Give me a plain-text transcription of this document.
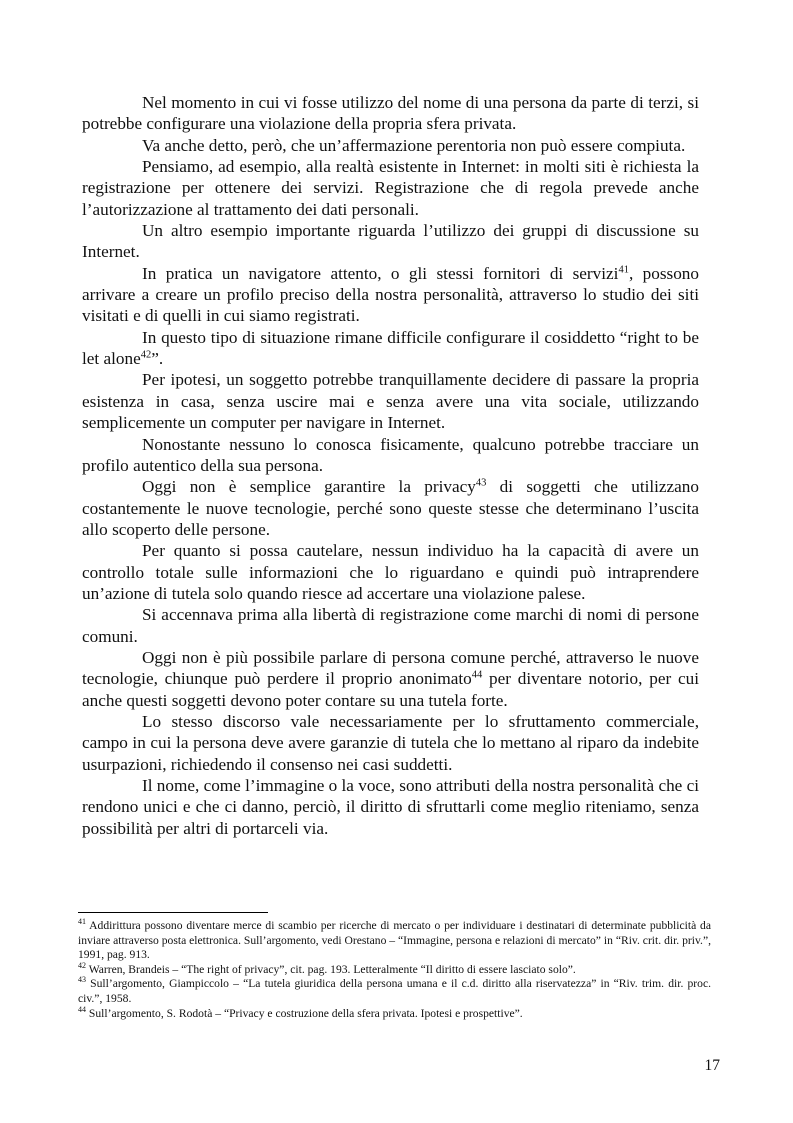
Nel momento in cui vi fosse utilizzo del nome di una persona da parte di terzi, si potrebbe configurare una violazione della propria sfera privata.

Va anche detto, però, che un’affermazione perentoria non può essere compiuta.

Pensiamo, ad esempio, alla realtà esistente in Internet: in molti siti è richiesta la registrazione per ottenere dei servizi. Registrazione che di regola prevede anche l’autorizzazione al trattamento dei dati personali.

Un altro esempio importante riguarda l’utilizzo dei gruppi di discussione su Internet.

In pratica un navigatore attento, o gli stessi fornitori di servizi$^{41}$, possono arrivare a creare un profilo preciso della nostra personalità, attraverso lo studio dei siti visitati e di quelli in cui siamo registrati.

In questo tipo di situazione rimane difficile configurare il cosiddetto “right to be let alone$^{42}$”.

Per ipotesi, un soggetto potrebbe tranquillamente decidere di passare la propria esistenza in casa, senza uscire mai e senza avere una vita sociale, utilizzando semplicemente un computer per navigare in Internet.

Nonostante nessuno lo conosca fisicamente, qualcuno potrebbe tracciare un profilo autentico della sua persona.

Oggi non è semplice garantire la privacy$^{43}$ di soggetti che utilizzano costantemente le nuove tecnologie, perché sono queste stesse che determinano l’uscita allo scoperto delle persone.

Per quanto si possa cautelare, nessun individuo ha la capacità di avere un controllo totale sulle informazioni che lo riguardano e quindi può intraprendere un’azione di tutela solo quando riesce ad accertare una violazione palese.

Si accennava prima alla libertà di registrazione come marchi di nomi di persone comuni.

Oggi non è più possibile parlare di persona comune perché, attraverso le nuove tecnologie, chiunque può perdere il proprio anonimato$^{44}$ per diventare notorio, per cui anche questi soggetti devono poter contare su una tutela forte.

Lo stesso discorso vale necessariamente per lo sfruttamento commerciale, campo in cui la persona deve avere garanzie di tutela che lo mettano al riparo da indebite usurpazioni, richiedendo il consenso nei casi suddetti.

Il nome, come l’immagine o la voce, sono attributi della nostra personalità che ci rendono unici e che ci danno, perciò, il diritto di sfruttarli come meglio riteniamo, senza possibilità per altri di portarceli via.

$^{41}$ Addirittura possono diventare merce di scambio per ricerche di mercato o per individuare i destinatari di determinate pubblicità da inviare attraverso posta elettronica. Sull’argomento, vedi Orestano – “Immagine, persona e relazioni di mercato” in “Riv. crit. dir. priv.”, 1991, pag. 913.

$^{42}$ Warren, Brandeis – “The right of privacy”, cit. pag. 193. Letteralmente “Il diritto di essere lasciato solo”.

$^{43}$ Sull’argomento, Giampiccolo – “La tutela giuridica della persona umana e il c.d. diritto alla riservatezza” in “Riv. trim. dir. proc. civ.”, 1958.

$^{44}$ Sull’argomento, S. Rodotà – “Privacy e costruzione della sfera privata. Ipotesi e prospettive”.

17
